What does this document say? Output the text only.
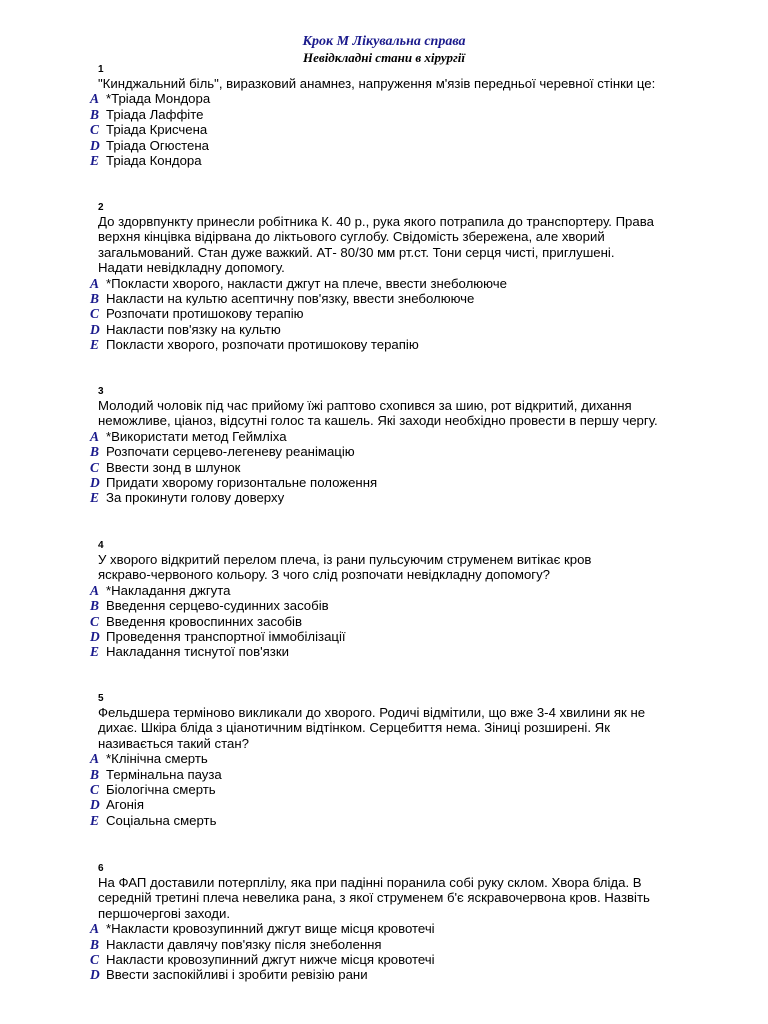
Крок М Лікувальна справа
Невідкладні стани в хірургії
1
"Кинджальний біль", виразковий анамнез, напруження м'язів передньої черевної стінки це:
A *Тріада Мондора
B Тріада Лаффіте
C Тріада Крисчена
D Тріада Огюстена
E Тріада Кондора
2
До здорвпункту принесли робітника К. 40 р., рука якого потрапила до транспортеру. Права
верхня кінцівка відірвана до ліктьового суглобу. Свідомість збережена, але хворий
загальмований. Стан дуже важкий. АТ- 80/30 мм рт.ст. Тони серця чисті, приглушені.
Надати невідкладну допомогу.
A *Покласти хворого, накласти джгут на плече, ввести знеболююче
B Накласти на культю асептичну пов'язку, ввести знеболююче
C Розпочати протишокову терапію
D Накласти пов'язку на культю
E Покласти хворого, розпочати протишокову терапію
3
Молодий чоловік під час прийому їжі раптово схопився за шию, рот відкритий, дихання
неможливе, ціаноз, відсутні голос та кашель. Які заходи необхідно провести в першу чергу.
A *Використати метод Геймліха
B Розпочати серцево-легеневу реанімацію
C Ввести зонд в шлунок
D Придати хворому горизонтальне положення
E За прокинути голову доверху
4
У хворого відкритий перелом плеча, із рани пульсуючим струменем витікає кров
яскраво-червоного кольору. З чого слід розпочати невідкладну допомогу?
A *Накладання джгута
B Введення серцево-судинних засобів
C Введення кровоспинних засобів
D Проведення транспортної іммобілізації
E Накладання тиснутої пов'язки
5
Фельдшера терміново викликали до хворого. Родичі відмітили, що вже 3-4 хвилини як не
дихає. Шкіра бліда з ціанотичним відтінком. Серцебиття нема. Зіниці розширені. Як
називається такий стан?
A *Клінічна смерть
B Термінальна пауза
C Біологічна смерть
D Агонія
E Соціальна смерть
6
На ФАП доставили потерплілу, яка при падінні поранила собі руку склом. Хвора бліда. В
середній третині плеча невелика рана, з якої струменем б'є яскравочервона кров. Назвіть
першочергові заходи.
A *Накласти кровозупинний джгут вище місця кровотечі
B Накласти давлячу пов'язку після знеболення
C Накласти кровозупинний джгут нижче місця кровотечі
D Ввести заспокійливі і зробити ревізію рани
